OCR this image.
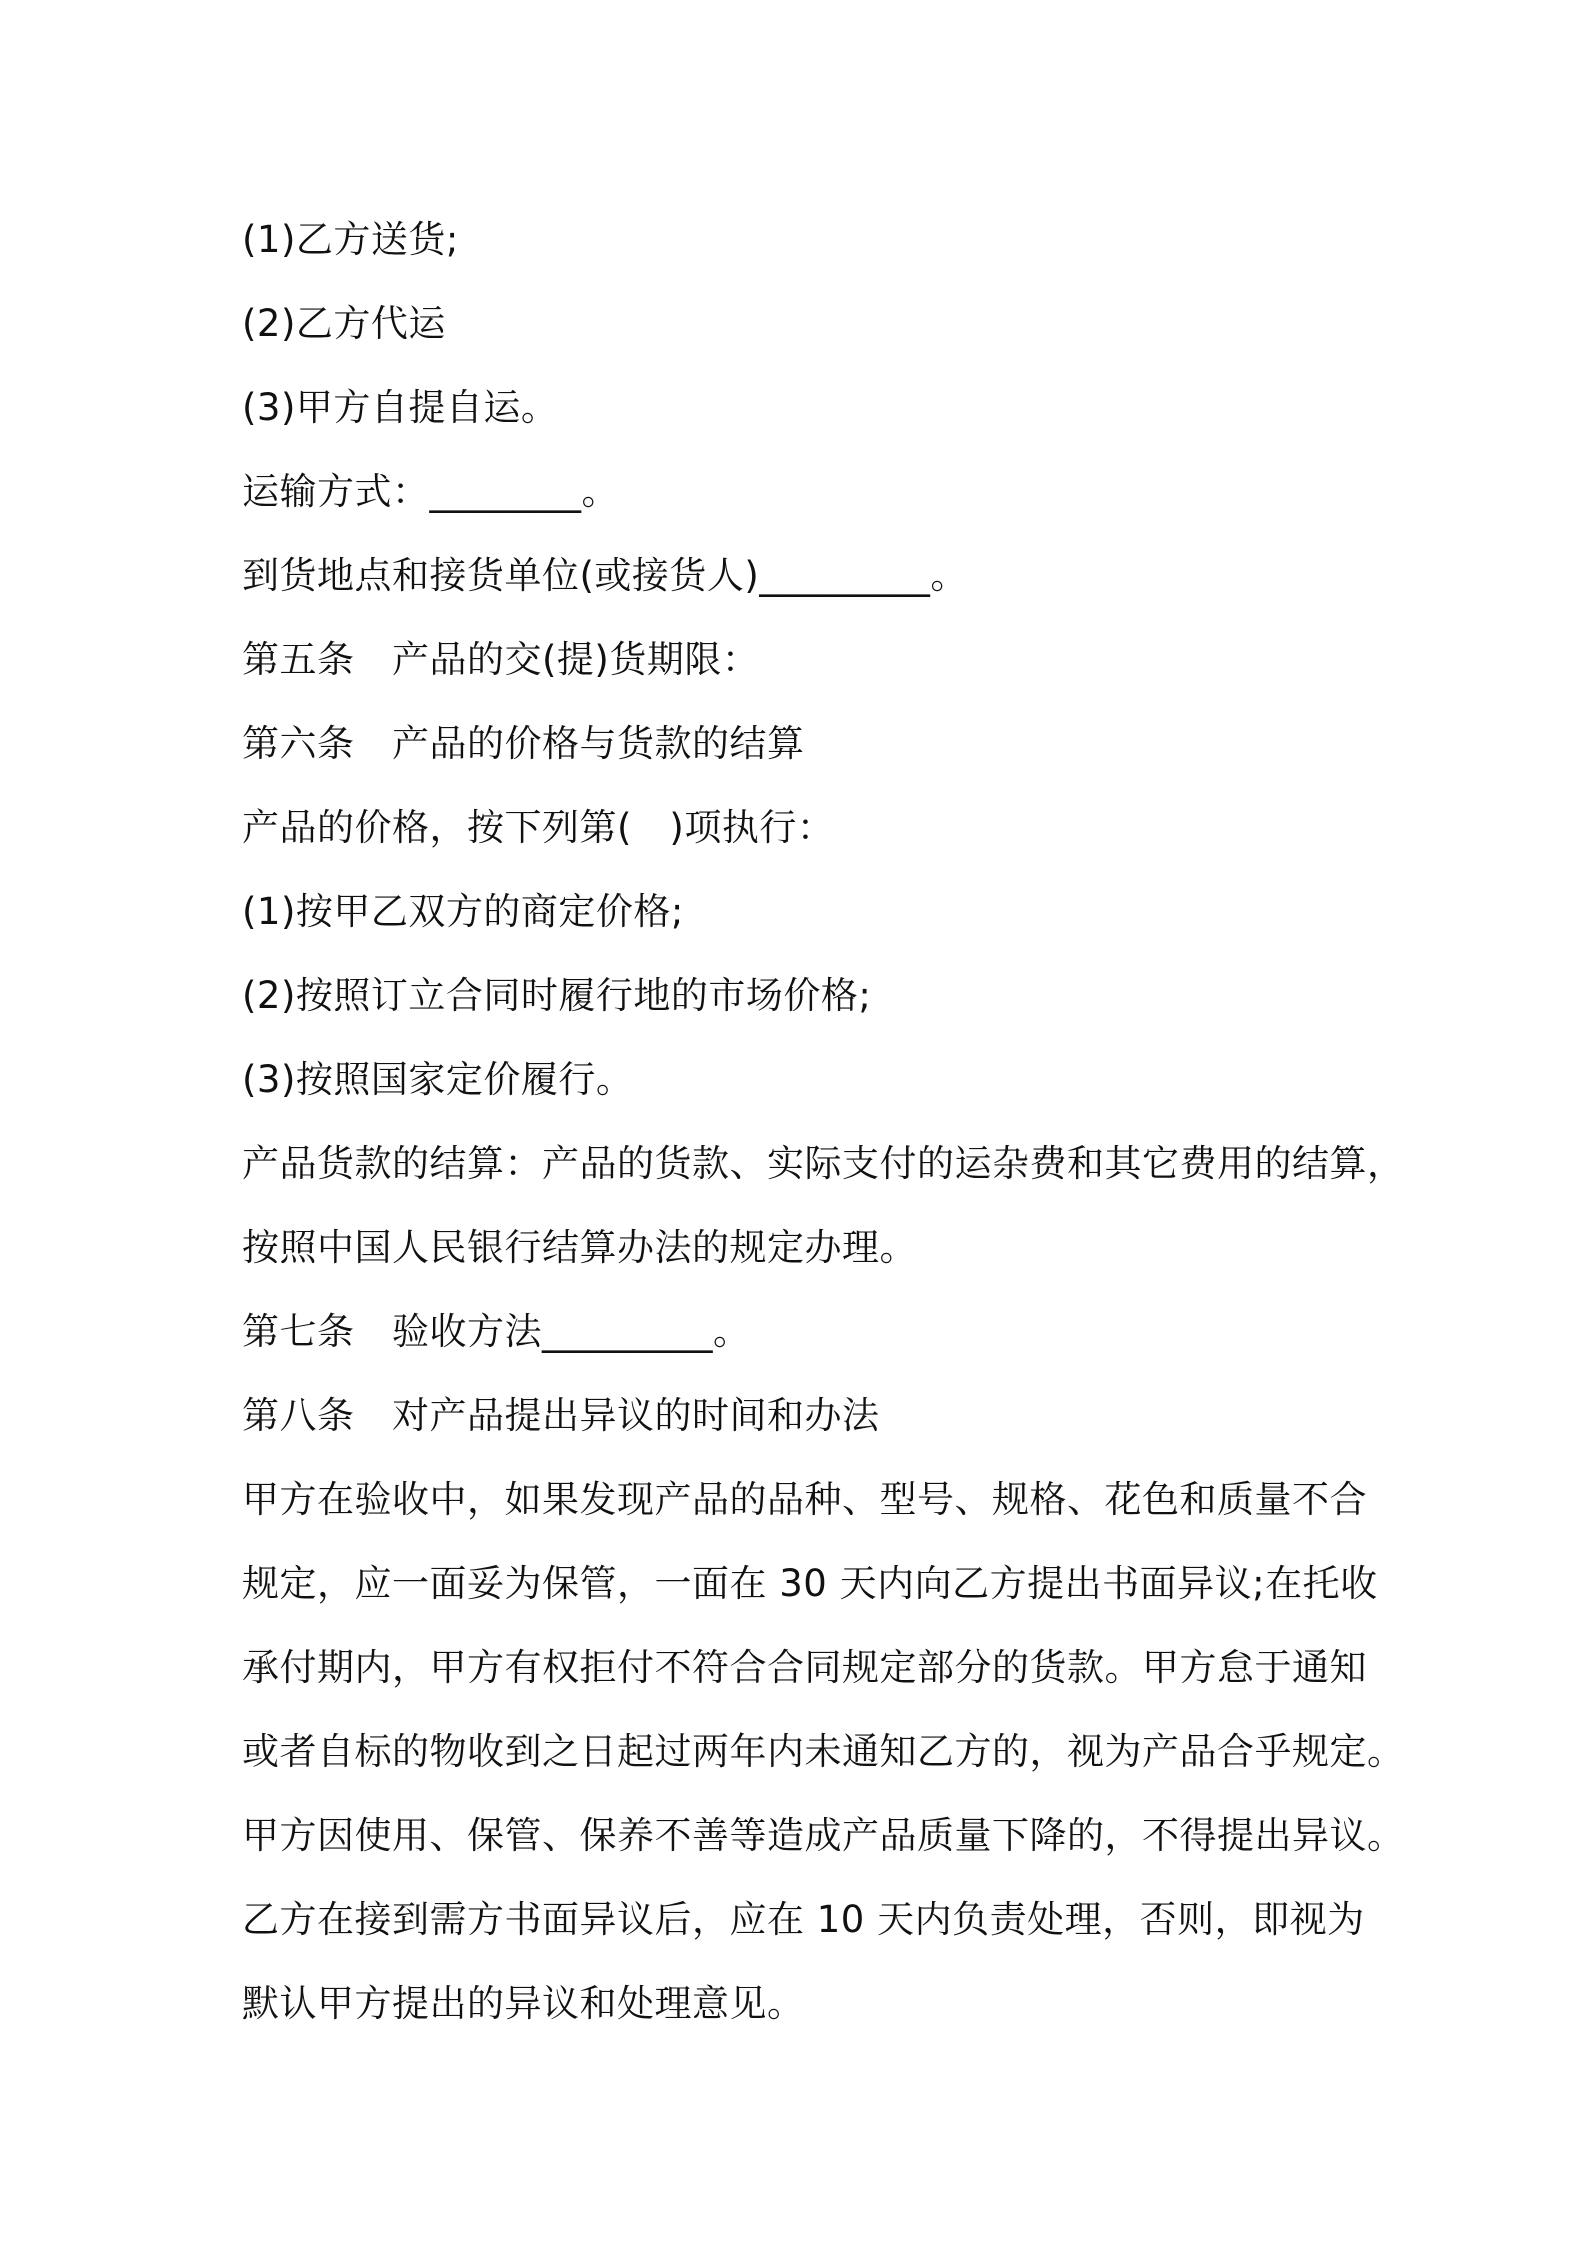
(1)乙方送货;
(2)乙方代运
(3)甲方自提自运。
运输方式：________。
到货地点和接货单位(或接货人)_________。
第五条　产品的交(提)货期限：
第六条　产品的价格与货款的结算
产品的价格，按下列第(　)项执行：
(1)按甲乙双方的商定价格;
(2)按照订立合同时履行地的市场价格;
(3)按照国家定价履行。
产品货款的结算：产品的货款、实际支付的运杂费和其它费用的结算，
按照中国人民银行结算办法的规定办理。
第七条　验收方法_________。
第八条　对产品提出异议的时间和办法
甲方在验收中，如果发现产品的品种、型号、规格、花色和质量不合
规定，应一面妥为保管，一面在 30 天内向乙方提出书面异议;在托收
承付期内，甲方有权拒付不符合合同规定部分的货款。甲方怠于通知
或者自标的物收到之日起过两年内未通知乙方的，视为产品合乎规定。
甲方因使用、保管、保养不善等造成产品质量下降的，不得提出异议。
乙方在接到需方书面异议后，应在 10 天内负责处理，否则，即视为
默认甲方提出的异议和处理意见。
